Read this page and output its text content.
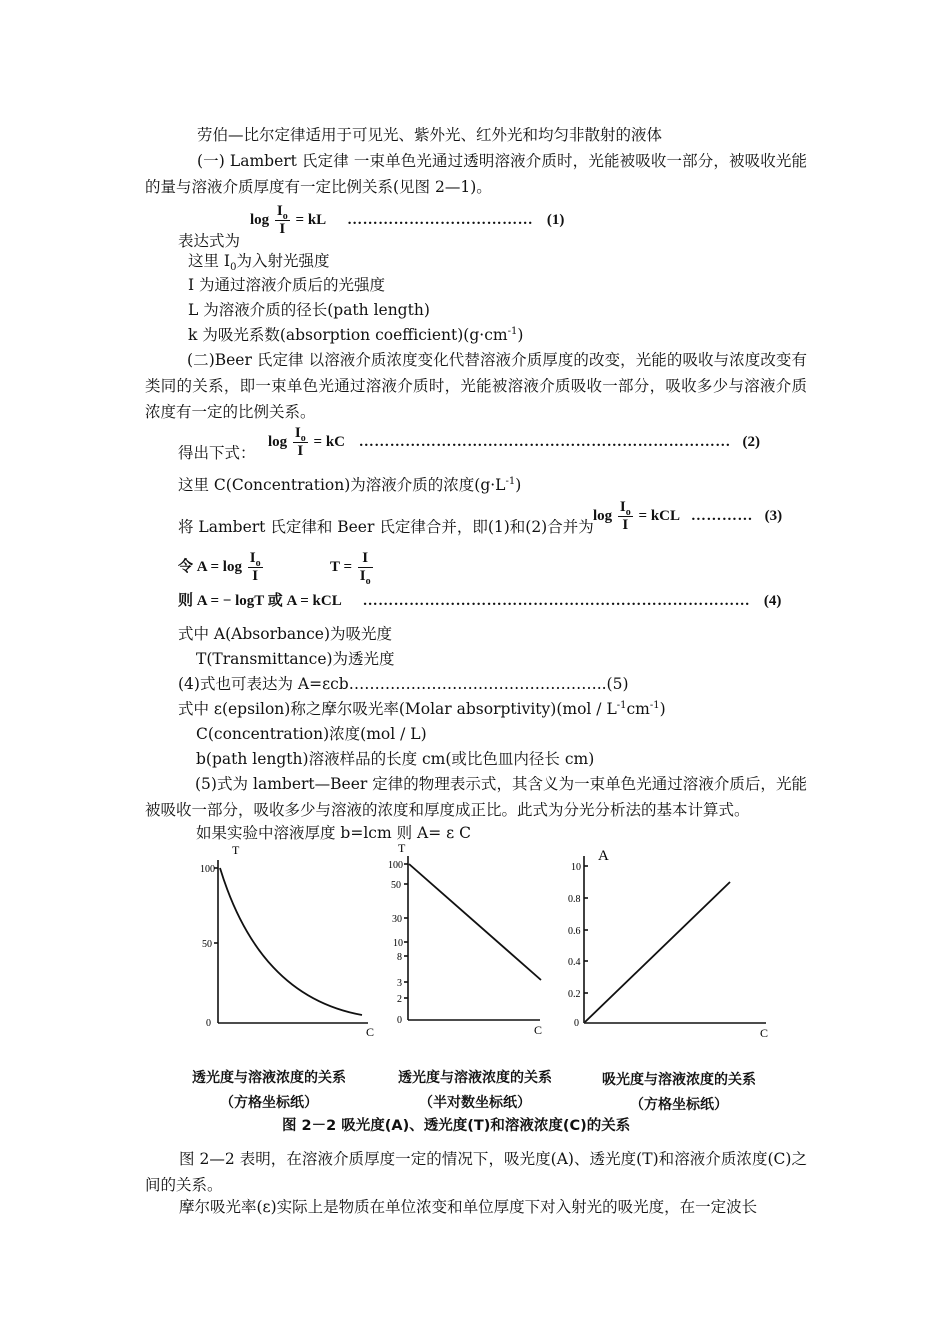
劳伯—比尔定律适用于可见光、紫外光、红外光和均匀非散射的液体
(一) Lambert 氏定律 一束单色光通过透明溶液介质时，光能被吸收一部分，被吸收光能的量与溶液介质厚度有一定比例关系(见图 2—1)。
$\log \frac{I_o}{I}$ = kL ……………………………… (1)
表达式为
这里 $I_0$为入射光强度
I 为通过溶液介质后的光强度
L 为溶液介质的径长(path length)
k 为吸光系数(absorption $coefficient)(g\cdot cm^{-1})$
(二)Beer 氏定律 以溶液介质浓度变化代替溶液介质厚度的改变，光能的吸收与浓度改变有类同的关系，即一束单色光通过溶液介质时，光能被溶液介质吸收一部分，吸收多少与溶液介质浓度有一定的比例关系。
$\log \frac{I_o}{I}$ = kC ……………………………………………………………… (2)
得出下式：
这里 C(Concentration)为溶液介质的浓度$(g\cdot L^{-1})$
将 Lambert 氏定律和 Beer 氏定律合并，即(1)和(2)合并为
$\log \frac{I_o}{I}$ = kCL ………… (3)
令 $A = \log \frac{I_o}{I}$	$T = \frac{I}{I_o}$
则 A = − logT 或 A = kCL ………………………………………………………………… (4)
式中 A(Absorbance)为吸光度
T(Transmittance)为透光度
(4)式也可表达为 A=εcb…………………………………………..(5)
式中 ε(epsilon)称之摩尔吸光率(Molar absorptivity)(mol / $L^{-1}cm^{-1}$)
C(concentration)浓度(mol / L)
b(path length)溶液样品的长度 cm(或比色皿内径长 cm)
(5)式为 lambert—Beer 定律的物理表示式，其含义为一束单色光通过溶液介质后，光能被吸收一部分，吸收多少与溶液的浓度和厚度成正比。此式为分光分析法的基本计算式。
如果实验中溶液厚度 b=lcm 则 A= ε C
T
C
100
50
0
T
C
100
50
30
10
8
3
2
0
A
C
10
0.8
0.6
0.4
0.2
0
透光度与溶液浓度的关系
（方格坐标纸）
透光度与溶液浓度的关系
（半对数坐标纸）
吸光度与溶液浓度的关系
（方格坐标纸）
图 2－2 吸光度(A)、透光度(T)和溶液浓度(C)的关系
图 2—2 表明，在溶液介质厚度一定的情况下，吸光度(A)、透光度(T)和溶液介质浓度(C)之间的关系。
摩尔吸光率(ε)实际上是物质在单位浓变和单位厚度下对入射光的吸光度，在一定波长
